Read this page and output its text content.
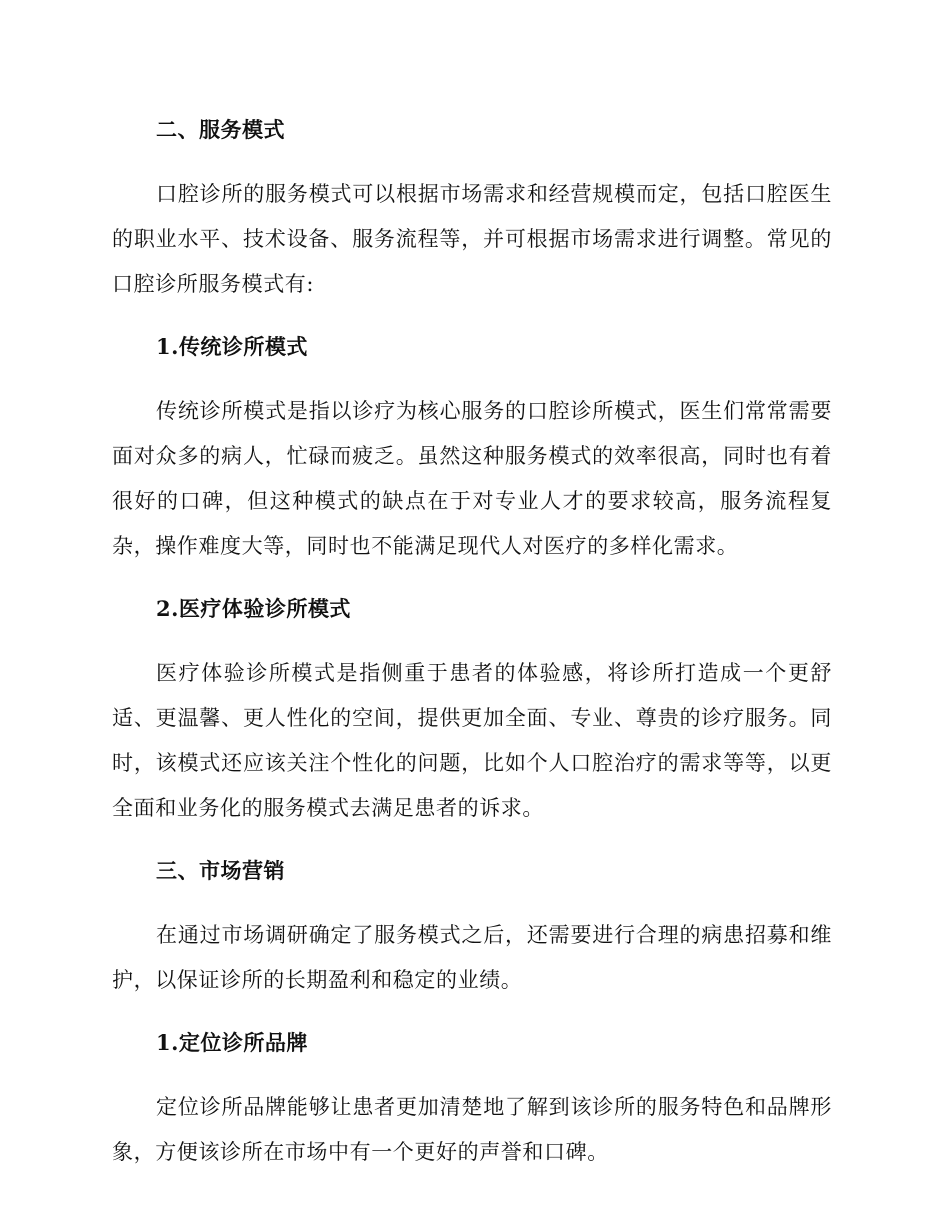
二、服务模式

口腔诊所的服务模式可以根据市场需求和经营规模而定，包括口腔医生的职业水平、技术设备、服务流程等，并可根据市场需求进行调整。常见的口腔诊所服务模式有:

1.传统诊所模式

传统诊所模式是指以诊疗为核心服务的口腔诊所模式，医生们常常需要面对众多的病人，忙碌而疲乏。虽然这种服务模式的效率很高，同时也有着很好的口碑，但这种模式的缺点在于对专业人才的要求较高，服务流程复杂，操作难度大等，同时也不能满足现代人对医疗的多样化需求。

2.医疗体验诊所模式

医疗体验诊所模式是指侧重于患者的体验感，将诊所打造成一个更舒适、更温馨、更人性化的空间，提供更加全面、专业、尊贵的诊疗服务。同时，该模式还应该关注个性化的问题，比如个人口腔治疗的需求等等，以更全面和业务化的服务模式去满足患者的诉求。

三、市场营销

在通过市场调研确定了服务模式之后，还需要进行合理的病患招募和维护，以保证诊所的长期盈利和稳定的业绩。

1.定位诊所品牌

定位诊所品牌能够让患者更加清楚地了解到该诊所的服务特色和品牌形象，方便该诊所在市场中有一个更好的声誉和口碑。
